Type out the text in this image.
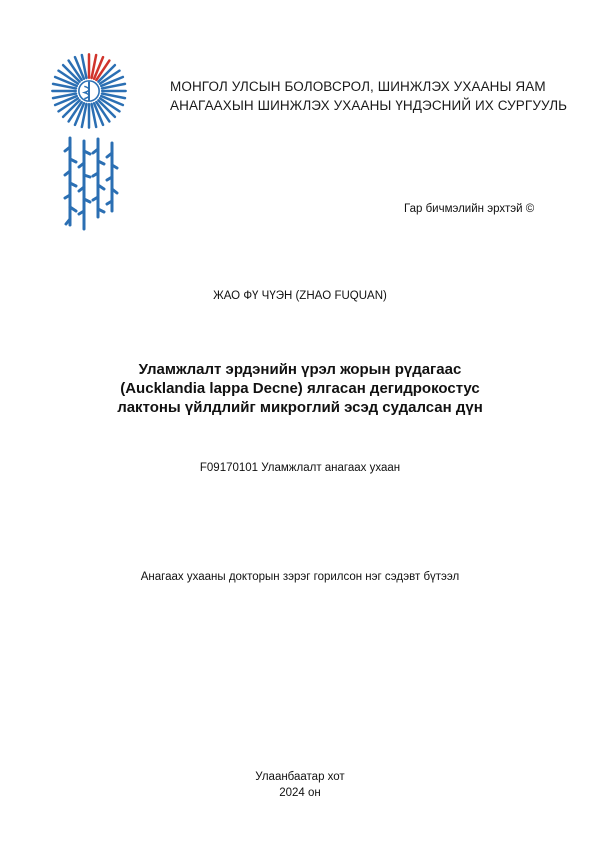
МОНГОЛ УЛСЫН БОЛОВСРОЛ, ШИНЖЛЭХ УХААНЫ ЯАМ
АНАГААХЫН ШИНЖЛЭХ УХААНЫ ҮНДЭСНИЙ ИХ СУРГУУЛЬ
Гар бичмэлийн эрхтэй ©
ЖАО ФҮ ЧҮЭН (ZHAO FUQUAN)
Уламжлалт эрдэнийн үрэл жорын рүдагаас
(Aucklandia lappa Decne) ялгасан дегидрокостус
лактоны үйлдлийг микроглий эсэд судалсан дүн
F09170101 Уламжлалт анагаах ухаан
Анагаах ухааны докторын зэрэг горилсон нэг сэдэвт бүтээл
Улаанбаатар хот
2024 он
